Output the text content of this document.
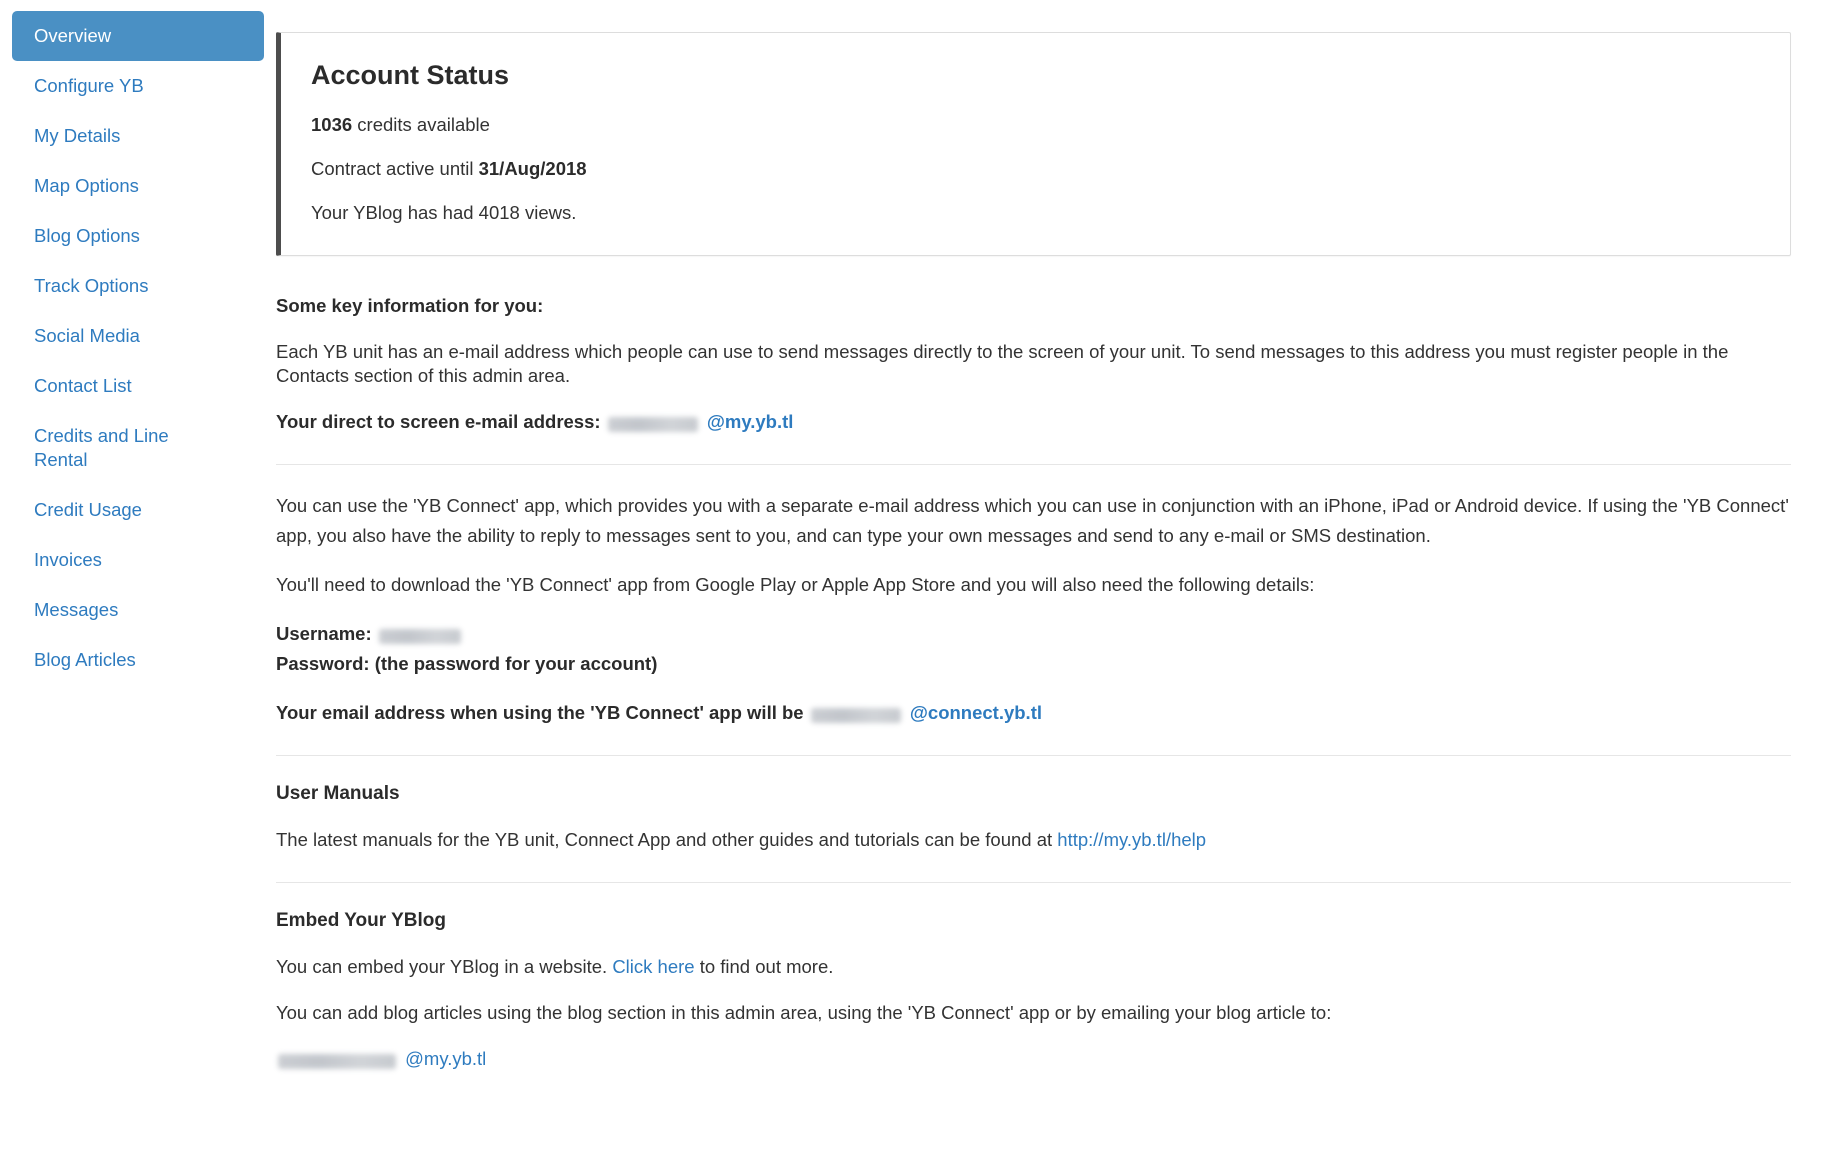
Overview
Configure YB
My Details
Map Options
Blog Options
Track Options
Social Media
Contact List
Credits and Line Rental
Credit Usage
Invoices
Messages
Blog Articles
Account Status

1036 credits available

Contract active until 31/Aug/2018

Your YBlog has had 4018 views.

Some key information for you:

Each YB unit has an e-mail address which people can use to send messages directly to the screen of your unit. To send messages to this address you must register people in the Contacts section of this admin area.

Your direct to screen e-mail address:	@my.yb.tl

You can use the 'YB Connect' app, which provides you with a separate e-mail address which you can use in conjunction with an iPhone, iPad or Android device. If using the 'YB Connect' app, you also have the ability to reply to messages sent to you, and can type your own messages and send to any e-mail or SMS destination.

You'll need to download the 'YB Connect' app from Google Play or Apple App Store and you will also need the following details:

Username:
Password: (the password for your account)

Your email address when using the 'YB Connect' app will be	@connect.yb.tl

User Manuals

The latest manuals for the YB unit, Connect App and other guides and tutorials can be found at http://my.yb.tl/help

Embed Your YBlog

You can embed your YBlog in a website. Click here to find out more.

You can add blog articles using the blog section in this admin area, using the 'YB Connect' app or by emailing your blog article to:

@my.yb.tl
